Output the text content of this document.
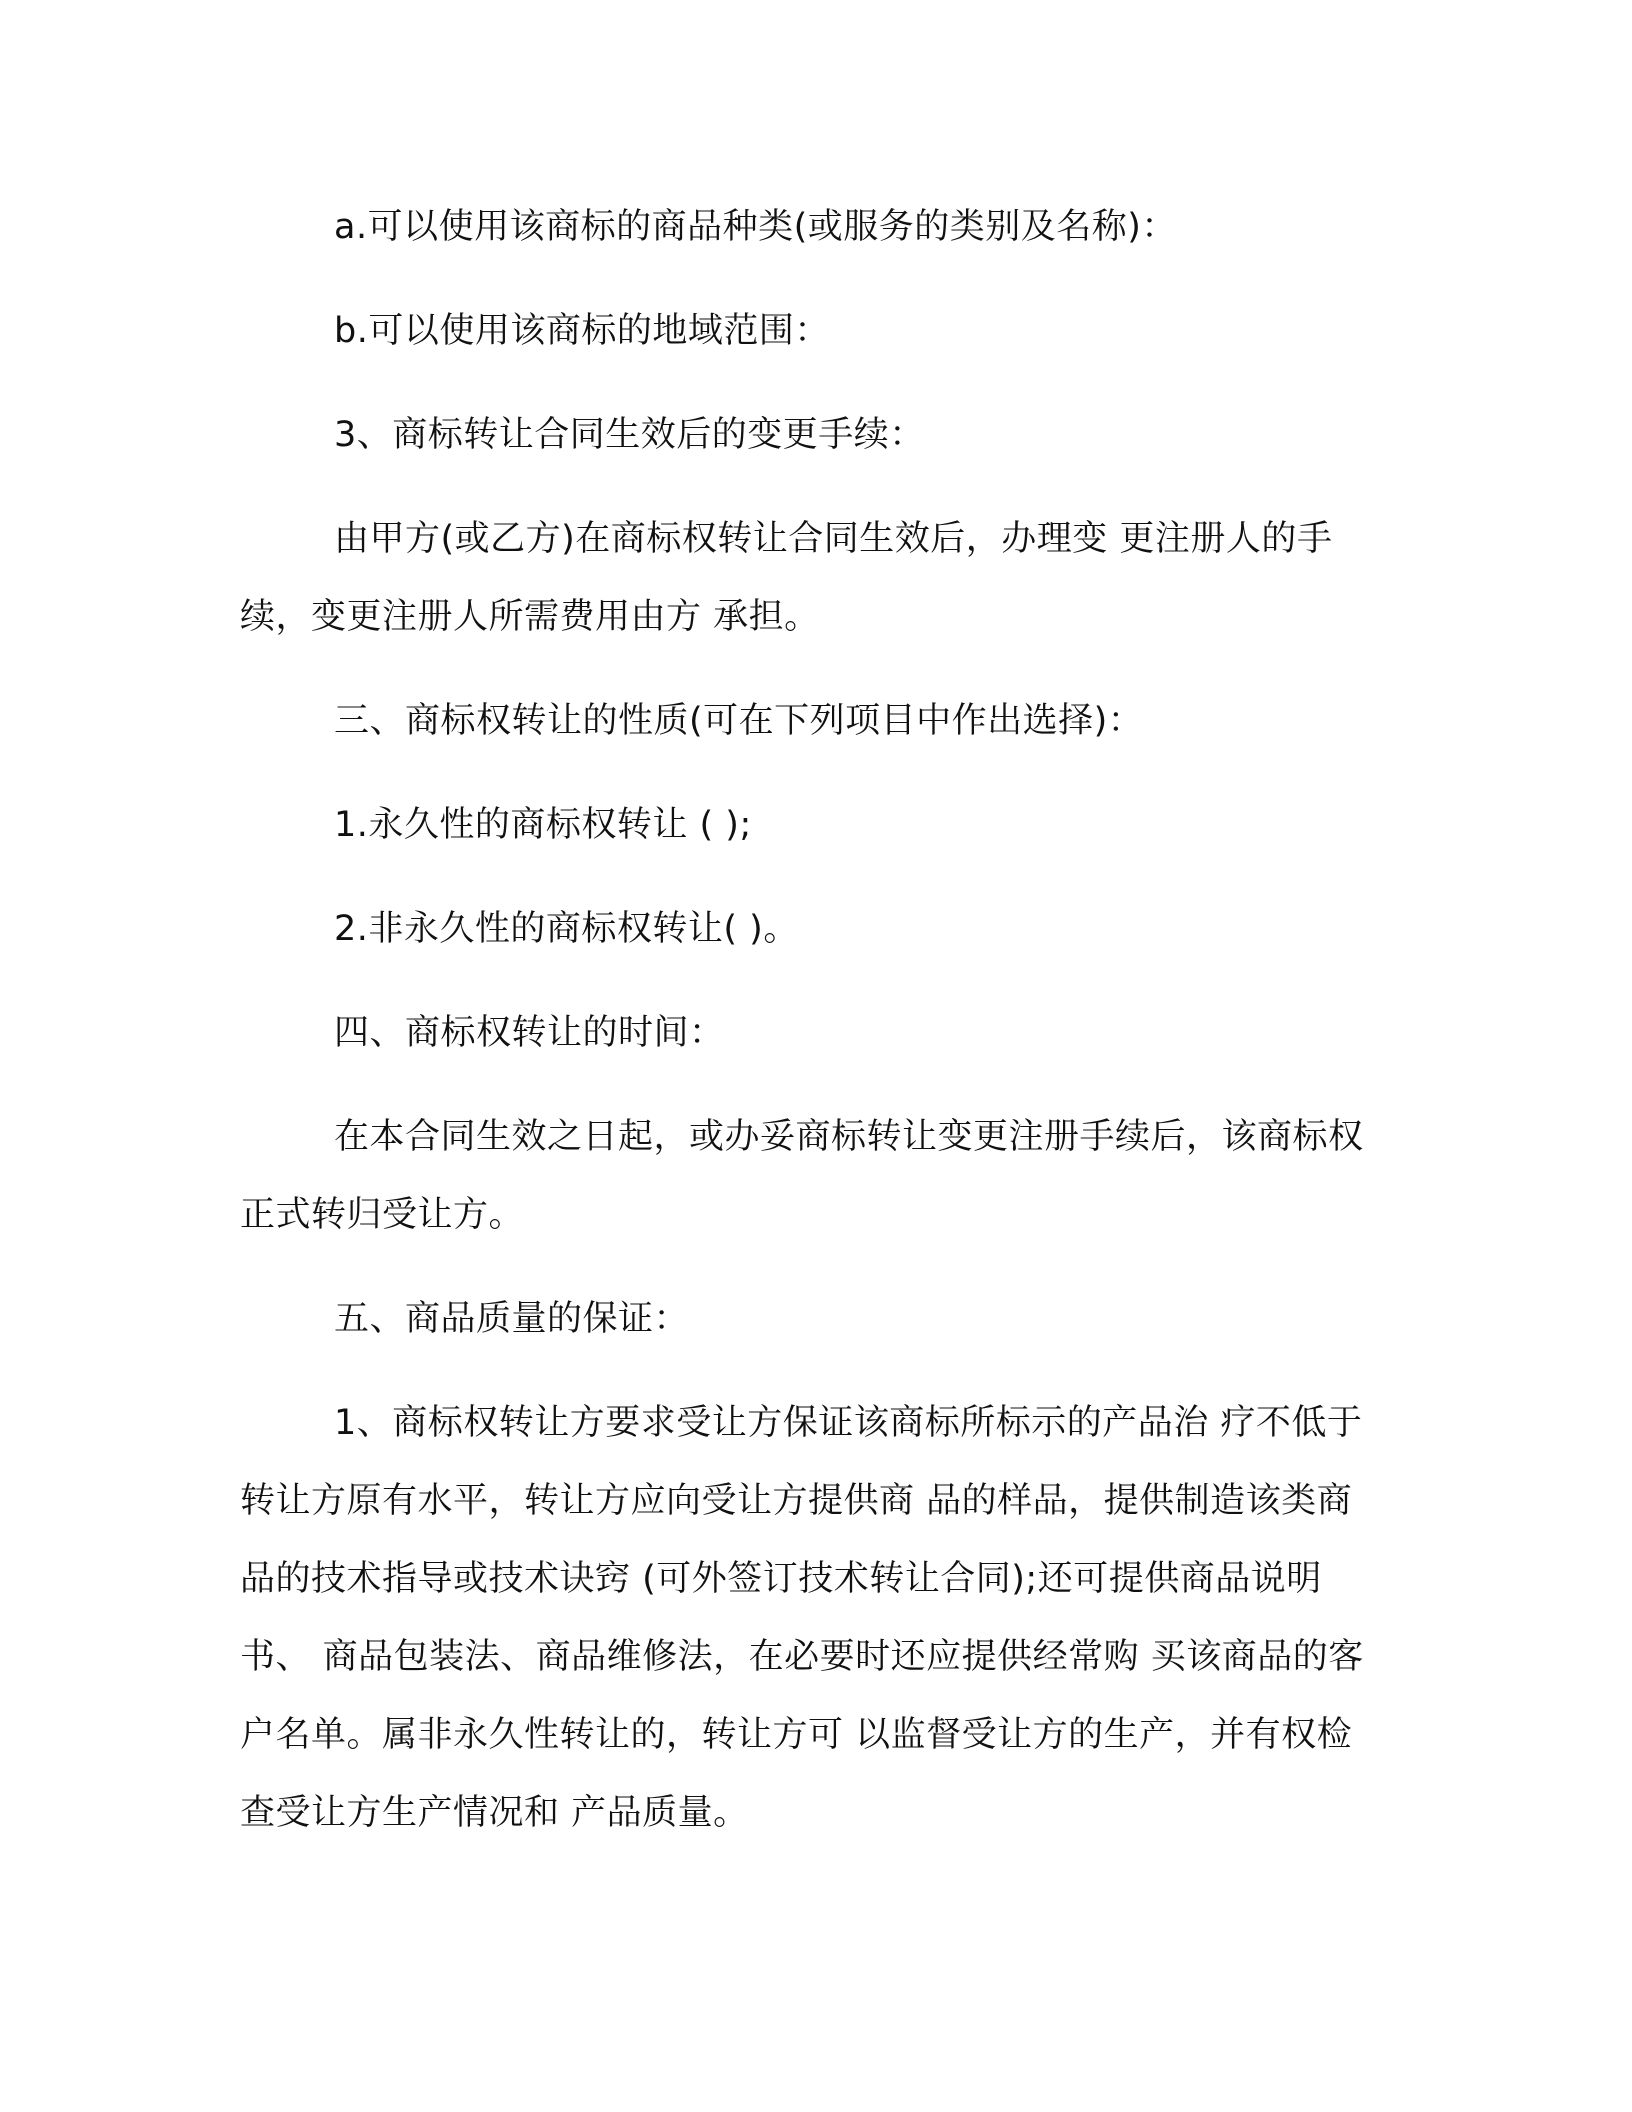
a.可以使用该商标的商品种类(或服务的类别及名称)：

b.可以使用该商标的地域范围：

3、商标转让合同生效后的变更手续：

由甲方(或乙方)在商标权转让合同生效后，办理变 更注册人的手续，变更注册人所需费用由方 承担。

三、商标权转让的性质(可在下列项目中作出选择)：

1.永久性的商标权转让 ( );

2.非永久性的商标权转让( )。

四、商标权转让的时间：

在本合同生效之日起，或办妥商标转让变更注册手续后，该商标权正式转归受让方。

五、商品质量的保证：

1、商标权转让方要求受让方保证该商标所标示的产品治 疗不低于转让方原有水平，转让方应向受让方提供商 品的样品，提供制造该类商品的技术指导或技术诀窍 (可外签订技术转让合同);还可提供商品说明书、 商品包装法、商品维修法，在必要时还应提供经常购 买该商品的客户名单。属非永久性转让的，转让方可 以监督受让方的生产，并有权检查受让方生产情况和 产品质量。
